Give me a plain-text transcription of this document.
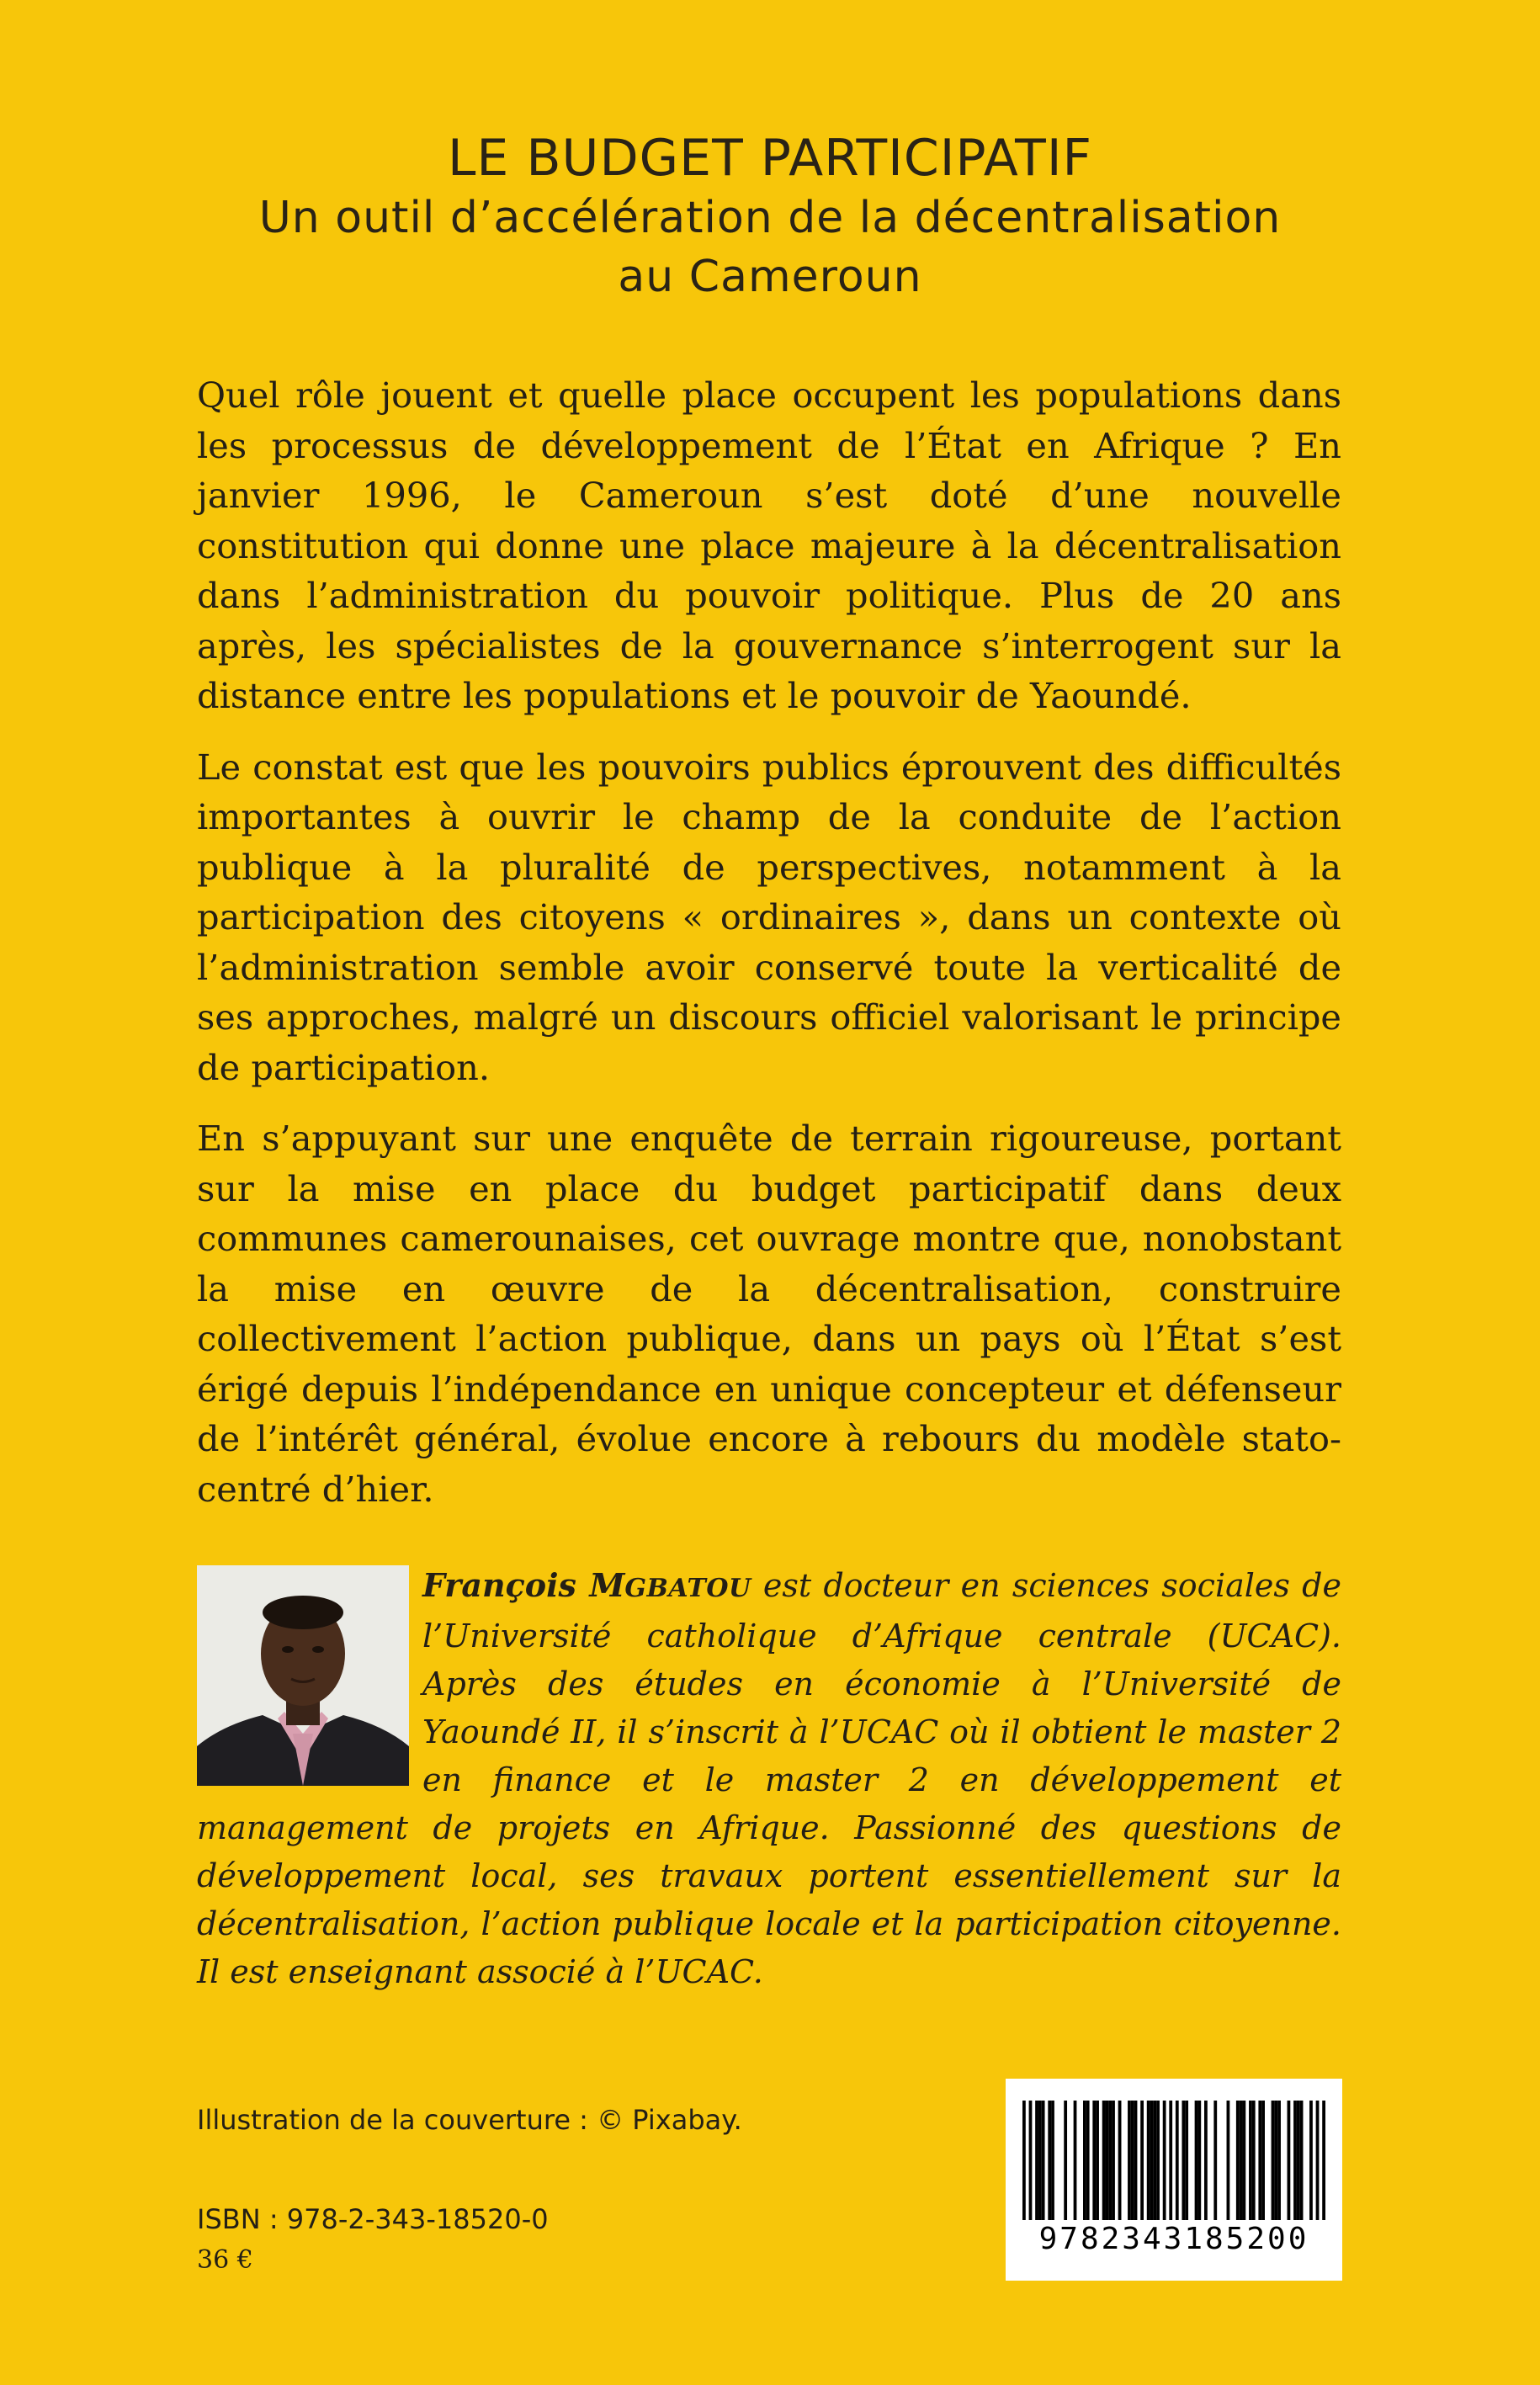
LE BUDGET PARTICIPATIF
Un outil d’accélération de la décentralisation
au Cameroun

Quel rôle jouent et quelle place occupent les populations dans les processus de développement de l’État en Afrique ? En janvier 1996, le Cameroun s’est doté d’une nouvelle constitution qui donne une place majeure à la décentralisation dans l’administration du pouvoir politique. Plus de 20 ans après, les spécialistes de la gouvernance s’interrogent sur la distance entre les populations et le pouvoir de Yaoundé.

Le constat est que les pouvoirs publics éprouvent des difficultés importantes à ouvrir le champ de la conduite de l’action publique à la pluralité de perspectives, notamment à la participation des citoyens « ordinaires », dans un contexte où l’administration semble avoir conservé toute la verticalité de ses approches, malgré un discours officiel valorisant le principe de participation.

En s’appuyant sur une enquête de terrain rigoureuse, portant sur la mise en place du budget participatif dans deux communes camerounaises, cet ouvrage montre que, nonobstant la mise en œuvre de la décentralisation, construire collectivement l’action publique, dans un pays où l’État s’est érigé depuis l’indépendance en unique concepteur et défenseur de l’intérêt général, évolue encore à rebours du modèle stato-centré d’hier.

François MGBATOU est docteur en sciences sociales de l’Université catholique d’Afrique centrale (UCAC). Après des études en économie à l’Université de Yaoundé II, il s’inscrit à l’UCAC où il obtient le master 2 en finance et le master 2 en développement et management de projets en Afrique. Passionné des questions de développement local, ses travaux portent essentiellement sur la décentralisation, l’action publique locale et la participation citoyenne. Il est enseignant associé à l’UCAC.
Illustration de la couverture : © Pixabay.
ISBN : 978-2-343-18520-0
36 €
9782343185200
